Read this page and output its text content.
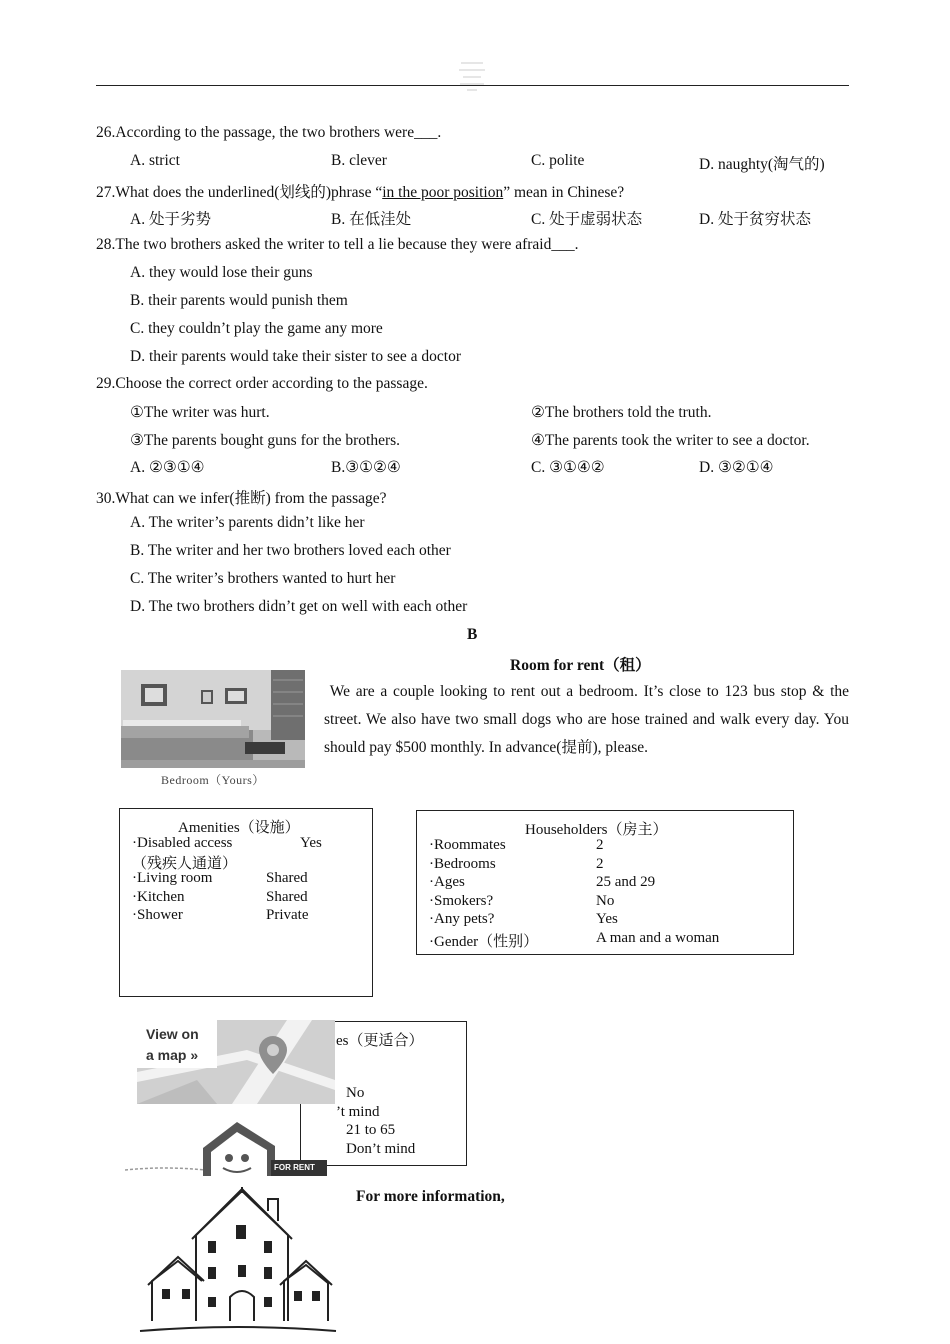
26.According to the passage, the two brothers were___.
A. strict	B. clever	C. polite	D. naughty(淘气的)
27.What does the underlined(划线的)phrase “in the poor position” mean in Chinese?
A. 处于劣势	B. 在低洼处	C. 处于虚弱状态	D. 处于贫穷状态
28.The two brothers asked the writer to tell a lie because they were afraid___.
A. they would lose their guns
B. their parents would punish them
C. they couldn’t play the game any more
D. their parents would take their sister to see a doctor
29.Choose the correct order according to the passage.
①The writer was hurt.	②The brothers told the truth.
③The parents bought guns for the brothers.	④The parents took the writer to see a doctor.
A. ②③①④	B.③①②④	C. ③①④②	D. ③②①④
30.What can we infer(推断) from the passage?
A. The writer’s parents didn’t like her
B. The writer and her two brothers loved each other
C. The writer’s brothers wanted to hurt her
D. The two brothers didn’t get on well with each other
B
Room for rent（租）
Bedroom（Yours）
We are a couple looking to rent out a bedroom. It’s close to 123 bus stop & the street. We also have two small dogs who are hose trained and walk every day. You should pay $500 monthly. In advance(提前), please.
Amenities（设施）
·Disabled access	Yes
（残疾人通道）
·Living room	Shared
·Kitchen	Shared
·Shower	Private
Householders（房主）
·Roommates	2
·Bedrooms	2
·Ages	25 and 29
·Smokers?	No
·Any pets?	Yes
·Gender（性别）	A man and a woman
es（更适合）
No
’t mind
21 to 65
Don’t mind
View on
a map »
FOR RENT
For more information,
